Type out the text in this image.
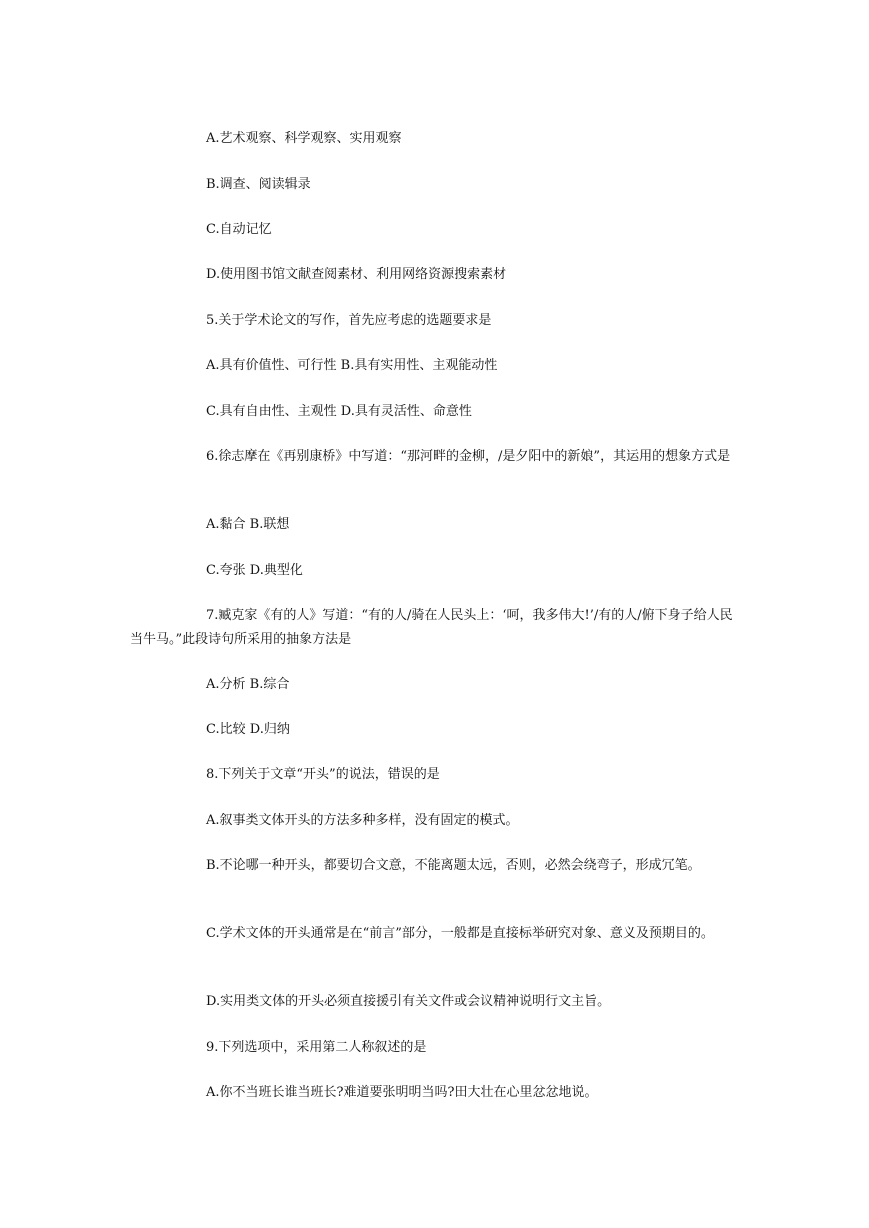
A.艺术观察、科学观察、实用观察

B.调查、阅读辑录

C.自动记忆

D.使用图书馆文献查阅素材、利用网络资源搜索素材

5.关于学术论文的写作，首先应考虑的选题要求是

A.具有价值性、可行性 B.具有实用性、主观能动性

C.具有自由性、主观性 D.具有灵活性、命意性

6.徐志摩在《再别康桥》中写道：“那河畔的金柳，/是夕阳中的新娘”，其运用的想象方式是

A.黏合 B.联想

C.夸张 D.典型化

7.臧克家《有的人》写道：“有的人/骑在人民头上：‘呵，我多伟大!’/有的人/俯下身子给人民当牛马。”此段诗句所采用的抽象方法是

A.分析 B.综合

C.比较 D.归纳

8.下列关于文章“开头”的说法，错误的是

A.叙事类文体开头的方法多种多样，没有固定的模式。

B.不论哪一种开头，都要切合文意，不能离题太远，否则，必然会绕弯子，形成冗笔。

C.学术文体的开头通常是在“前言”部分，一般都是直接标举研究对象、意义及预期目的。

D.实用类文体的开头必须直接援引有关文件或会议精神说明行文主旨。

9.下列选项中，采用第二人称叙述的是

A.你不当班长谁当班长?难道要张明明当吗?田大壮在心里忿忿地说。
